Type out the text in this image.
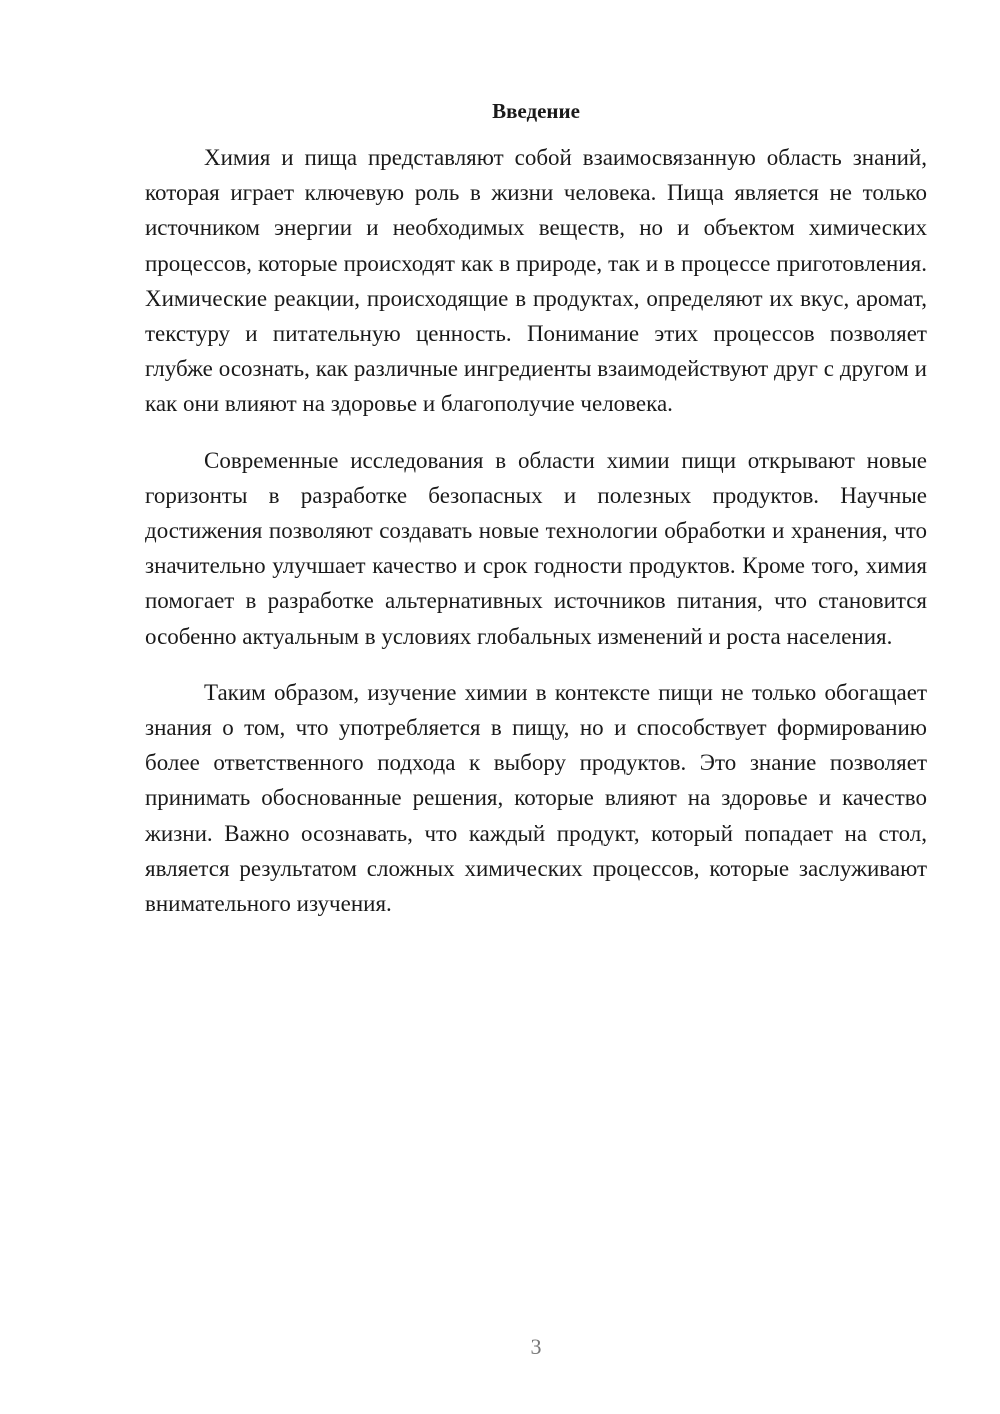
Введение

Химия и пища представляют собой взаимосвязанную область знаний, которая играет ключевую роль в жизни человека. Пища является не только источником энергии и необходимых веществ, но и объектом химических процессов, которые происходят как в природе, так и в процессе приготовления. Химические реакции, происходящие в продуктах, определяют их вкус, аромат, текстуру и питательную ценность. Понимание этих процессов позволяет глубже осознать, как различные ингредиенты взаимодействуют друг с другом и как они влияют на здоровье и благополучие человека.

Современные исследования в области химии пищи открывают новые горизонты в разработке безопасных и полезных продуктов. Научные достижения позволяют создавать новые технологии обработки и хранения, что значительно улучшает качество и срок годности продуктов. Кроме того, химия помогает в разработке альтернативных источников питания, что становится особенно актуальным в условиях глобальных изменений и роста населения.

Таким образом, изучение химии в контексте пищи не только обогащает знания о том, что употребляется в пищу, но и способствует формированию более ответственного подхода к выбору продуктов. Это знание позволяет принимать обоснованные решения, которые влияют на здоровье и качество жизни. Важно осознавать, что каждый продукт, который попадает на стол, является результатом сложных химических процессов, которые заслуживают внимательного изучения.

3
